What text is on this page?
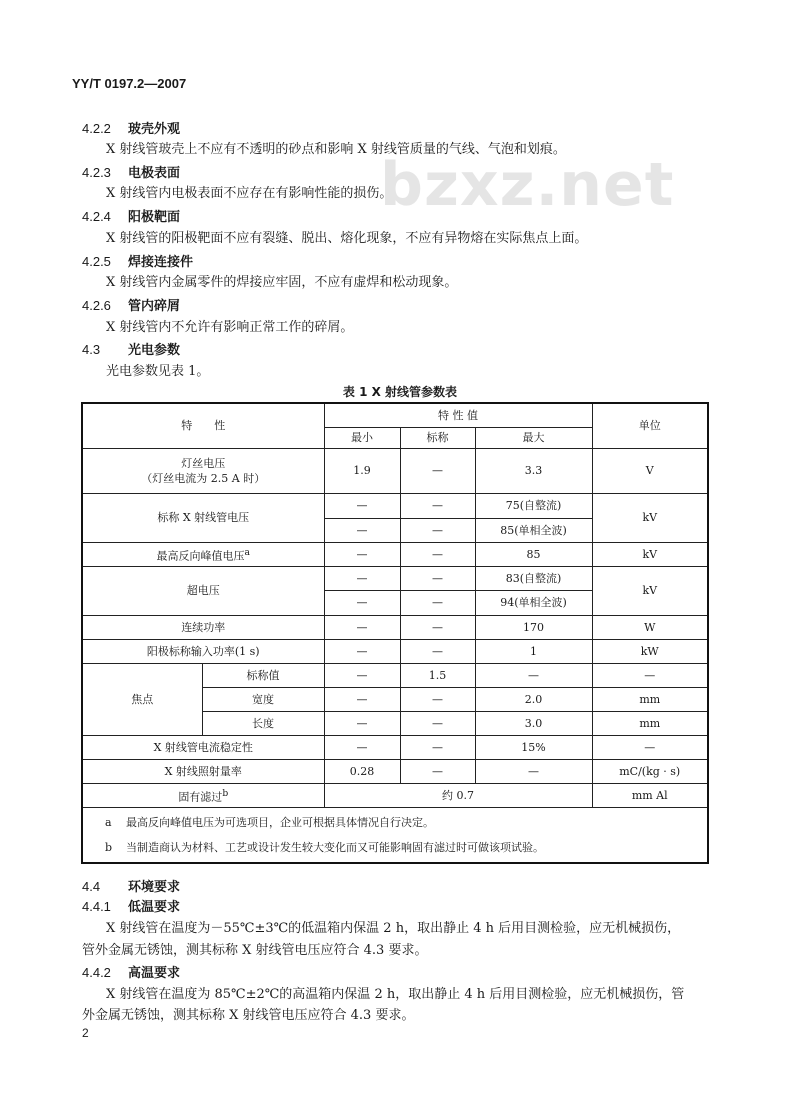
YY/T 0197.2—2007
bzxz.net
4.2.2 玻壳外观
X 射线管玻壳上不应有不透明的砂点和影响 X 射线管质量的气线、气泡和划痕。
4.2.3 电极表面
X 射线管内电极表面不应存在有影响性能的损伤。
4.2.4 阳极靶面
X 射线管的阳极靶面不应有裂缝、脱出、熔化现象，不应有异物熔在实际焦点上面。
4.2.5 焊接连接件
X 射线管内金属零件的焊接应牢固，不应有虚焊和松动现象。
4.2.6 管内碎屑
X 射线管内不允许有影响正常工作的碎屑。
4.3 光电参数
光电参数见表 1。
表 1 X 射线管参数表
特　　性		特 性 值			单位
		最小	标称	最大	

灯丝电压
（灯丝电流为 2.5 A 时）		1.9	—	3.3	V
标称 X 射线管电压		—	—	75(自整流)	kV
		—	—	85(单相全波)	
最高反向峰值电压$^a$		—	—	85	kV
超电压		—	—	83(自整流)	kV
		—	—	94(单相全波)	
连续功率		—	—	170	W
阳极标称输入功率(1 s)		—	—	1	kW
焦点	标称值	—	1.5	—	—
	宽度	—	—	2.0	mm
	长度	—	—	3.0	mm
X 射线管电流稳定性		—	—	15%	—
X 射线照射量率		0.28	—	—	mC/(kg · s)
固有滤过$^b$		约 0.7			mm Al

a 最高反向峰值电压为可选项目，企业可根据具体情况自行决定。
b 当制造商认为材料、工艺或设计发生较大变化而又可能影响固有滤过时可做该项试验。					
4.4 环境要求
4.4.1 低温要求
X 射线管在温度为－55℃±3℃的低温箱内保温 2 h，取出静止 4 h 后用目测检验，应无机械损伤，
管外金属无锈蚀，测其标称 X 射线管电压应符合 4.3 要求。
4.4.2 高温要求
X 射线管在温度为 85℃±2℃的高温箱内保温 2 h，取出静止 4 h 后用目测检验，应无机械损伤，管
外金属无锈蚀，测其标称 X 射线管电压应符合 4.3 要求。
2
